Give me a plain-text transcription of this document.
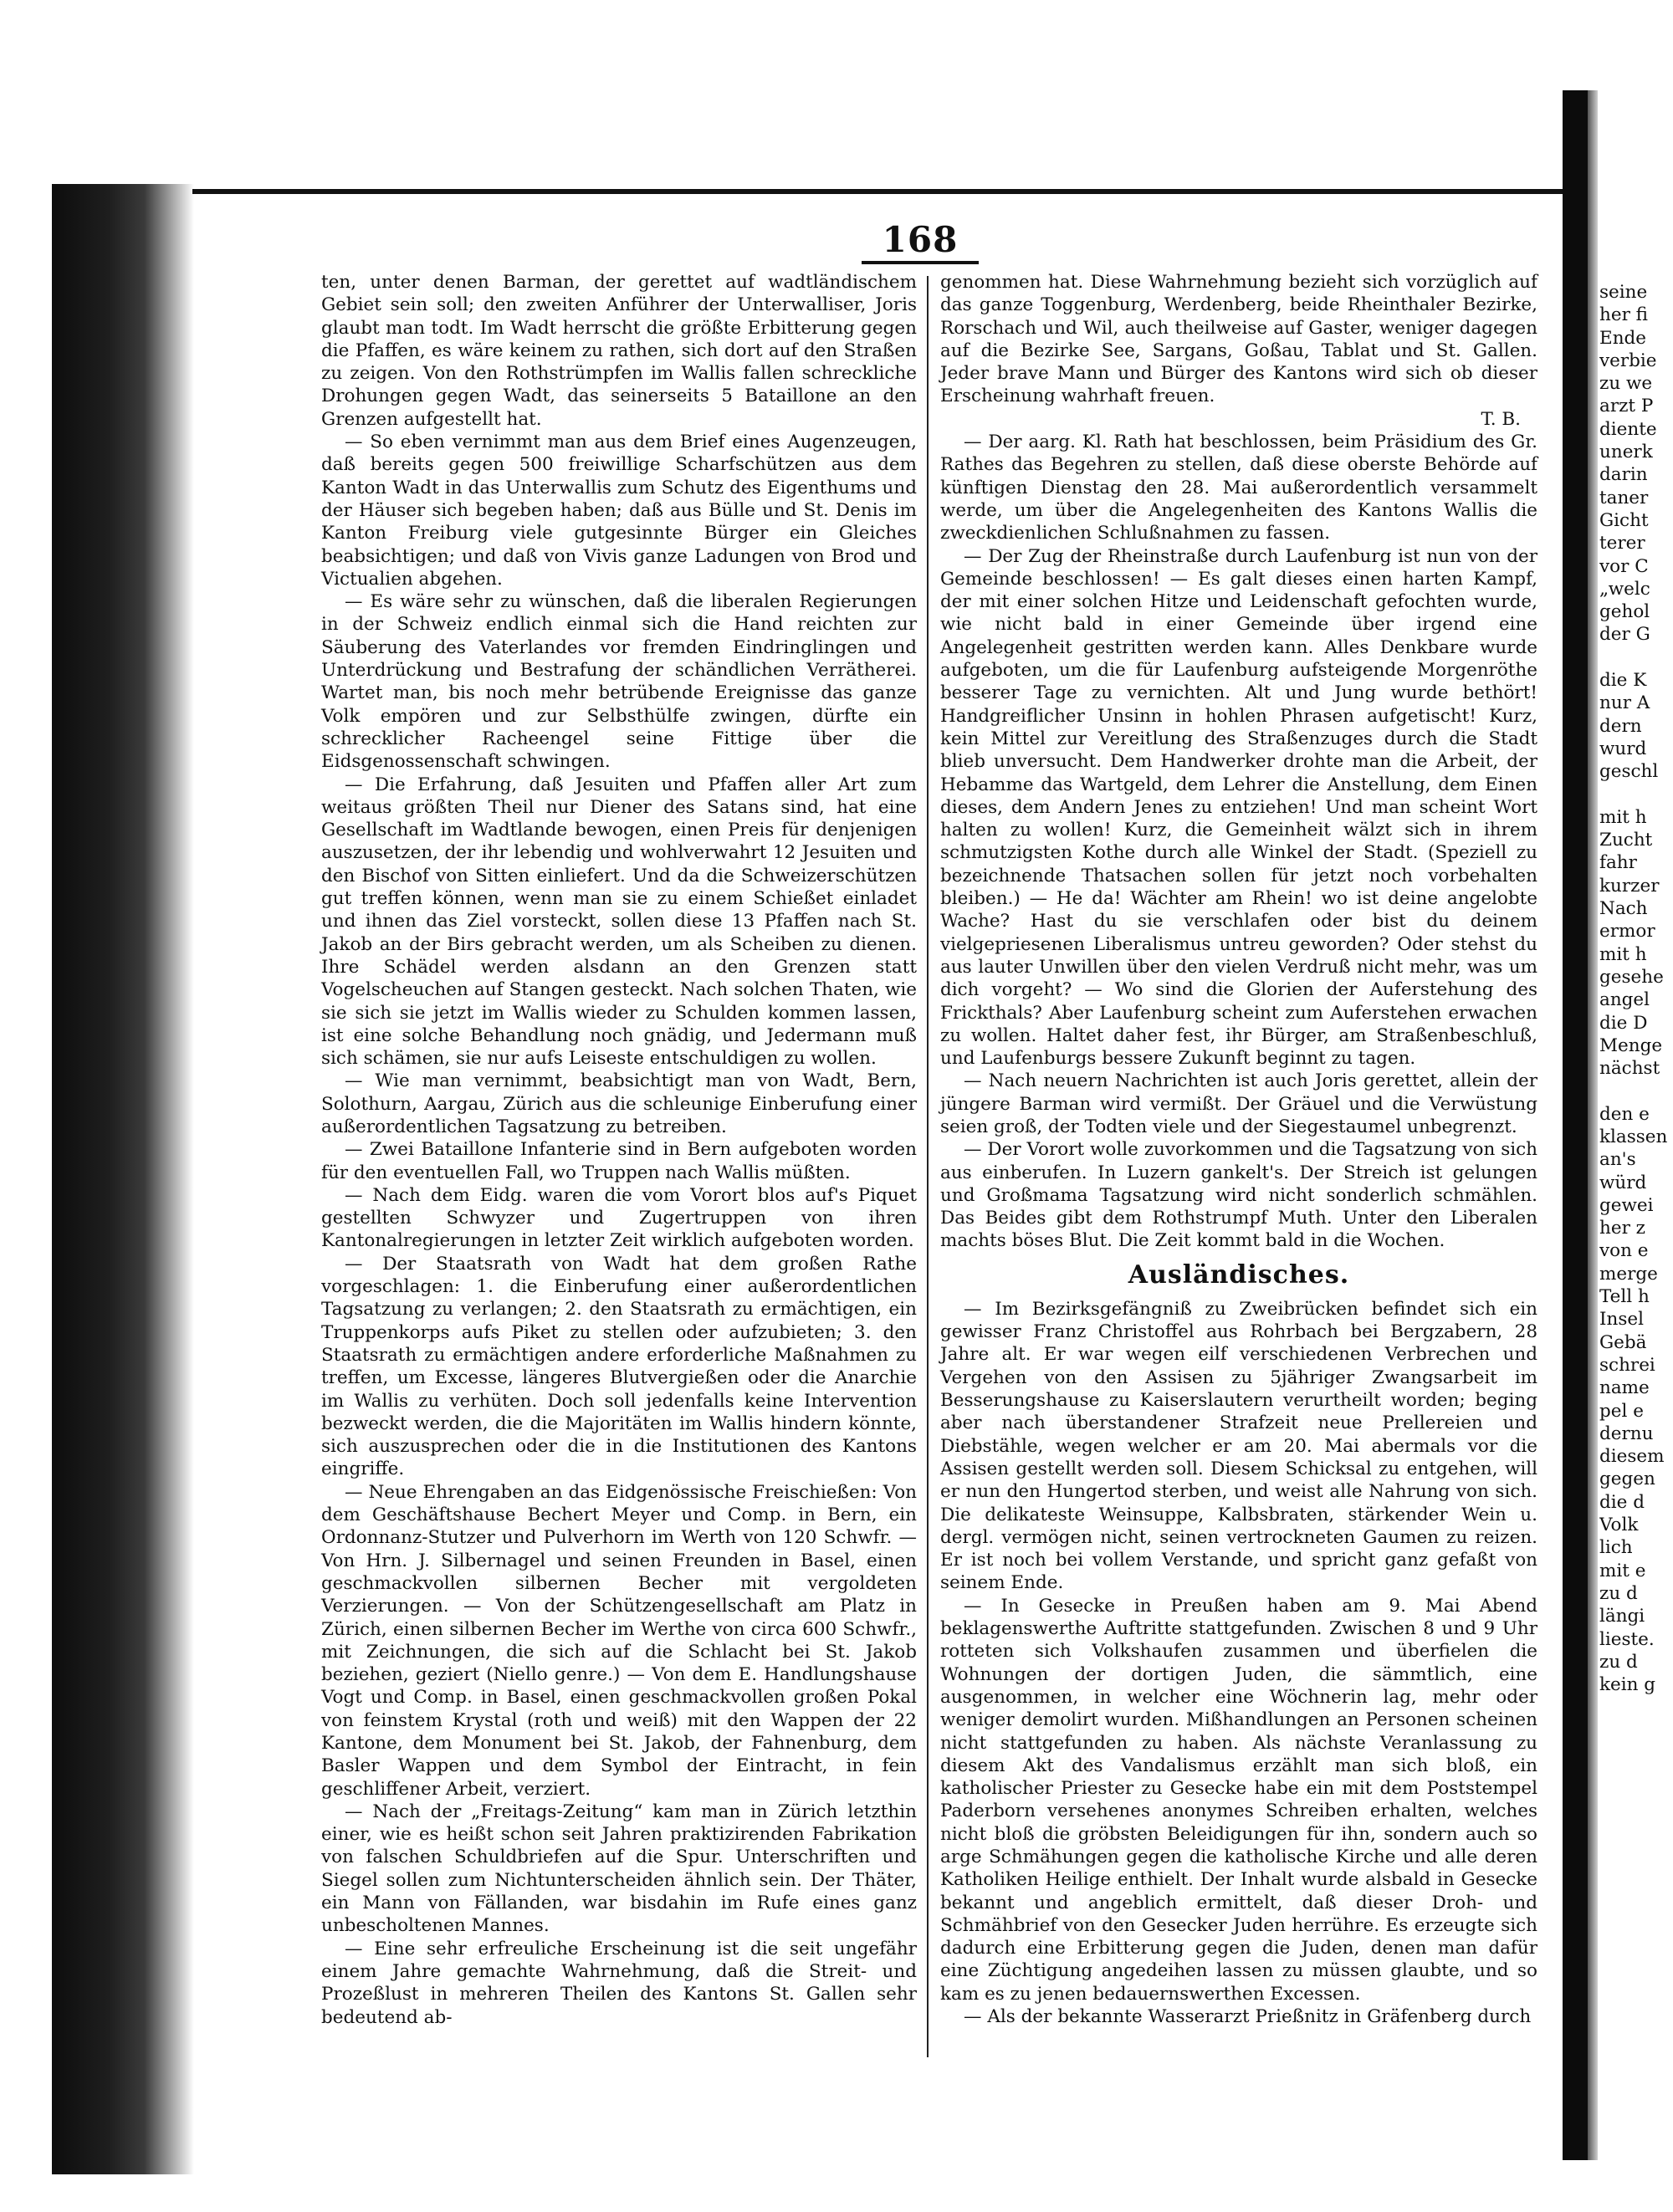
168

ten, unter denen Barman, der gerettet auf wadtländischem Gebiet sein soll; den zweiten Anführer der Unterwalliser, Joris glaubt man todt. Im Wadt herrscht die größte Erbitterung gegen die Pfaffen, es wäre keinem zu rathen, sich dort auf den Straßen zu zeigen. Von den Rothstrümpfen im Wallis fallen schreckliche Drohungen gegen Wadt, das seinerseits 5 Bataillone an den Grenzen aufgestellt hat.

— So eben vernimmt man aus dem Brief eines Augenzeugen, daß bereits gegen 500 freiwillige Scharfschützen aus dem Kanton Wadt in das Unterwallis zum Schutz des Eigenthums und der Häuser sich begeben haben; daß aus Bülle und St. Denis im Kanton Freiburg viele gutgesinnte Bürger ein Gleiches beabsichtigen; und daß von Vivis ganze Ladungen von Brod und Victualien abgehen.

— Es wäre sehr zu wünschen, daß die liberalen Regierungen in der Schweiz endlich einmal sich die Hand reichten zur Säuberung des Vaterlandes vor fremden Eindringlingen und Unterdrückung und Bestrafung der schändlichen Verrätherei. Wartet man, bis noch mehr betrübende Ereignisse das ganze Volk empören und zur Selbsthülfe zwingen, dürfte ein schrecklicher Racheengel seine Fittige über die Eidsgenossenschaft schwingen.

— Die Erfahrung, daß Jesuiten und Pfaffen aller Art zum weitaus größten Theil nur Diener des Satans sind, hat eine Gesellschaft im Wadtlande bewogen, einen Preis für denjenigen auszusetzen, der ihr lebendig und wohlverwahrt 12 Jesuiten und den Bischof von Sitten einliefert. Und da die Schweizerschützen gut treffen können, wenn man sie zu einem Schießet einladet und ihnen das Ziel vorsteckt, sollen diese 13 Pfaffen nach St. Jakob an der Birs gebracht werden, um als Scheiben zu dienen. Ihre Schädel werden alsdann an den Grenzen statt Vogelscheuchen auf Stangen gesteckt. Nach solchen Thaten, wie sie sich sie jetzt im Wallis wieder zu Schulden kommen lassen, ist eine solche Behandlung noch gnädig, und Jedermann muß sich schämen, sie nur aufs Leiseste entschuldigen zu wollen.

— Wie man vernimmt, beabsichtigt man von Wadt, Bern, Solothurn, Aargau, Zürich aus die schleunige Einberufung einer außerordentlichen Tagsatzung zu betreiben.

— Zwei Bataillone Infanterie sind in Bern aufgeboten worden für den eventuellen Fall, wo Truppen nach Wallis müßten.

— Nach dem Eidg. waren die vom Vorort blos auf's Piquet gestellten Schwyzer und Zugertruppen von ihren Kantonalregierungen in letzter Zeit wirklich aufgeboten worden.

— Der Staatsrath von Wadt hat dem großen Rathe vorgeschlagen: 1. die Einberufung einer außerordentlichen Tagsatzung zu verlangen; 2. den Staatsrath zu ermächtigen, ein Truppenkorps aufs Piket zu stellen oder aufzubieten; 3. den Staatsrath zu ermächtigen andere erforderliche Maßnahmen zu treffen, um Excesse, längeres Blutvergießen oder die Anarchie im Wallis zu verhüten. Doch soll jedenfalls keine Intervention bezweckt werden, die die Majoritäten im Wallis hindern könnte, sich auszusprechen oder die in die Institutionen des Kantons eingriffe.

— Neue Ehrengaben an das Eidgenössische Freischießen: Von dem Geschäftshause Bechert Meyer und Comp. in Bern, ein Ordonnanz-Stutzer und Pulverhorn im Werth von 120 Schwfr. — Von Hrn. J. Silbernagel und seinen Freunden in Basel, einen geschmackvollen silbernen Becher mit vergoldeten Verzierungen. — Von der Schützengesellschaft am Platz in Zürich, einen silbernen Becher im Werthe von circa 600 Schwfr., mit Zeichnungen, die sich auf die Schlacht bei St. Jakob beziehen, geziert (Niello genre.) — Von dem E. Handlungshause Vogt und Comp. in Basel, einen geschmackvollen großen Pokal von feinstem Krystal (roth und weiß) mit den Wappen der 22 Kantone, dem Monument bei St. Jakob, der Fahnenburg, dem Basler Wappen und dem Symbol der Eintracht, in fein geschliffener Arbeit, verziert.

— Nach der „Freitags-Zeitung“ kam man in Zürich letzthin einer, wie es heißt schon seit Jahren praktizirenden Fabrikation von falschen Schuldbriefen auf die Spur. Unterschriften und Siegel sollen zum Nichtunterscheiden ähnlich sein. Der Thäter, ein Mann von Fällanden, war bisdahin im Rufe eines ganz unbescholtenen Mannes.

— Eine sehr erfreuliche Erscheinung ist die seit ungefähr einem Jahre gemachte Wahrnehmung, daß die Streit- und Prozeßlust in mehreren Theilen des Kantons St. Gallen sehr bedeutend ab-

genommen hat. Diese Wahrnehmung bezieht sich vorzüglich auf das ganze Toggenburg, Werdenberg, beide Rheinthaler Bezirke, Rorschach und Wil, auch theilweise auf Gaster, weniger dagegen auf die Bezirke See, Sargans, Goßau, Tablat und St. Gallen. Jeder brave Mann und Bürger des Kantons wird sich ob dieser Erscheinung wahrhaft freuen.

T. B.

— Der aarg. Kl. Rath hat beschlossen, beim Präsidium des Gr. Rathes das Begehren zu stellen, daß diese oberste Behörde auf künftigen Dienstag den 28. Mai außerordentlich versammelt werde, um über die Angelegenheiten des Kantons Wallis die zweckdienlichen Schlußnahmen zu fassen.

— Der Zug der Rheinstraße durch Laufenburg ist nun von der Gemeinde beschlossen! — Es galt dieses einen harten Kampf, der mit einer solchen Hitze und Leidenschaft gefochten wurde, wie nicht bald in einer Gemeinde über irgend eine Angelegenheit gestritten werden kann. Alles Denkbare wurde aufgeboten, um die für Laufenburg aufsteigende Morgenröthe besserer Tage zu vernichten. Alt und Jung wurde bethört! Handgreiflicher Unsinn in hohlen Phrasen aufgetischt! Kurz, kein Mittel zur Vereitlung des Straßenzuges durch die Stadt blieb unversucht. Dem Handwerker drohte man die Arbeit, der Hebamme das Wartgeld, dem Lehrer die Anstellung, dem Einen dieses, dem Andern Jenes zu entziehen! Und man scheint Wort halten zu wollen! Kurz, die Gemeinheit wälzt sich in ihrem schmutzigsten Kothe durch alle Winkel der Stadt. (Speziell zu bezeichnende Thatsachen sollen für jetzt noch vorbehalten bleiben.) — He da! Wächter am Rhein! wo ist deine angelobte Wache? Hast du sie verschlafen oder bist du deinem vielgepriesenen Liberalismus untreu geworden? Oder stehst du aus lauter Unwillen über den vielen Verdruß nicht mehr, was um dich vorgeht? — Wo sind die Glorien der Auferstehung des Frickthals? Aber Laufenburg scheint zum Auferstehen erwachen zu wollen. Haltet daher fest, ihr Bürger, am Straßenbeschluß, und Laufenburgs bessere Zukunft beginnt zu tagen.

— Nach neuern Nachrichten ist auch Joris gerettet, allein der jüngere Barman wird vermißt. Der Gräuel und die Verwüstung seien groß, der Todten viele und der Siegestaumel unbegrenzt.

— Der Vorort wolle zuvorkommen und die Tagsatzung von sich aus einberufen. In Luzern gankelt's. Der Streich ist gelungen und Großmama Tagsatzung wird nicht sonderlich schmählen. Das Beides gibt dem Rothstrumpf Muth. Unter den Liberalen machts böses Blut. Die Zeit kommt bald in die Wochen.

Ausländisches.

— Im Bezirksgefängniß zu Zweibrücken befindet sich ein gewisser Franz Christoffel aus Rohrbach bei Bergzabern, 28 Jahre alt. Er war wegen eilf verschiedenen Verbrechen und Vergehen von den Assisen zu 5jähriger Zwangsarbeit im Besserungshause zu Kaiserslautern verurtheilt worden; beging aber nach überstandener Strafzeit neue Prellereien und Diebstähle, wegen welcher er am 20. Mai abermals vor die Assisen gestellt werden soll. Diesem Schicksal zu entgehen, will er nun den Hungertod sterben, und weist alle Nahrung von sich. Die delikateste Weinsuppe, Kalbsbraten, stärkender Wein u. dergl. vermögen nicht, seinen vertrockneten Gaumen zu reizen. Er ist noch bei vollem Verstande, und spricht ganz gefaßt von seinem Ende.

— In Gesecke in Preußen haben am 9. Mai Abend beklagenswerthe Auftritte stattgefunden. Zwischen 8 und 9 Uhr rotteten sich Volkshaufen zusammen und überfielen die Wohnungen der dortigen Juden, die sämmtlich, eine ausgenommen, in welcher eine Wöchnerin lag, mehr oder weniger demolirt wurden. Mißhandlungen an Personen scheinen nicht stattgefunden zu haben. Als nächste Veranlassung zu diesem Akt des Vandalismus erzählt man sich bloß, ein katholischer Priester zu Gesecke habe ein mit dem Poststempel Paderborn versehenes anonymes Schreiben erhalten, welches nicht bloß die gröbsten Beleidigungen für ihn, sondern auch so arge Schmähungen gegen die katholische Kirche und alle deren Katholiken Heilige enthielt. Der Inhalt wurde alsbald in Gesecke bekannt und angeblich ermittelt, daß dieser Droh- und Schmähbrief von den Gesecker Juden herrühre. Es erzeugte sich dadurch eine Erbitterung gegen die Juden, denen man dafür eine Züchtigung angedeihen lassen zu müssen glaubte, und so kam es zu jenen bedauernswerthen Excessen.

— Als der bekannte Wasserarzt Prießnitz in Gräfenberg durch

seine
her fi
Ende
verbie
zu we
arzt P
diente
unerk
darin
taner
Gicht
terer
vor C
„welc
gehol
der G

die K
nur A
dern
wurd
geschl

mit h
Zucht
fahr
kurzer
Nach
ermor
mit h
gesehe
angel
die D
Menge
nächst

den e
klassen
an's
würd
gewei
her z
von e
merge
Tell h
Insel
Gebä
schrei
name
pel e
dernu
diesem
gegen
die d
Volk
lich
mit e
zu d
längi
lieste.
zu d
kein g
